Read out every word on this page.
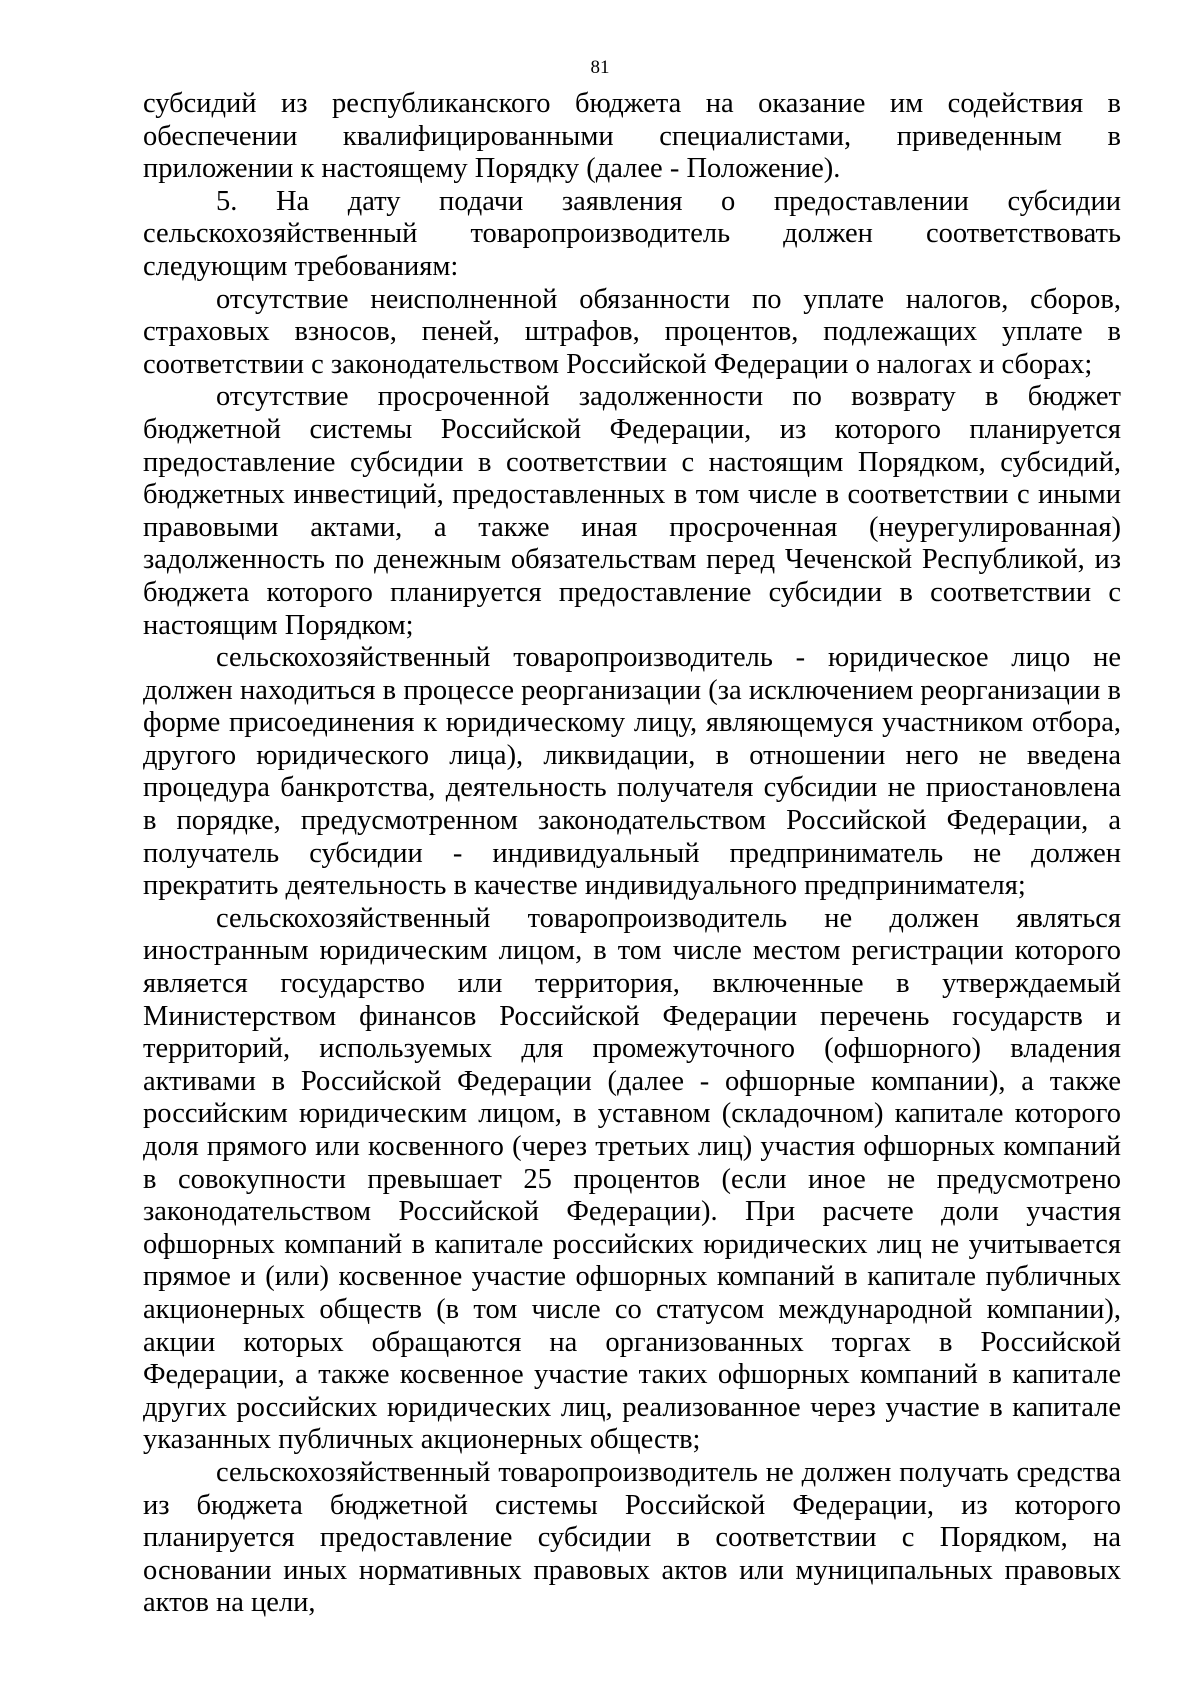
81

субсидий из республиканского бюджета на оказание им содействия в обеспечении квалифицированными специалистами, приведенным в приложении к настоящему Порядку (далее - Положение).

5. На дату подачи заявления о предоставлении субсидии сельскохозяйственный товаропроизводитель должен соответствовать следующим требованиям:

отсутствие неисполненной обязанности по уплате налогов, сборов, страховых взносов, пеней, штрафов, процентов, подлежащих уплате в соответствии с законодательством Российской Федерации о налогах и сборах;

отсутствие просроченной задолженности по возврату в бюджет бюджетной системы Российской Федерации, из которого планируется предоставление субсидии в соответствии с настоящим Порядком, субсидий, бюджетных инвестиций, предоставленных в том числе в соответствии с иными правовыми актами, а также иная просроченная (неурегулированная) задолженность по денежным обязательствам перед Чеченской Республикой, из бюджета которого планируется предоставление субсидии в соответствии с настоящим Порядком;

сельскохозяйственный товаропроизводитель - юридическое лицо не должен находиться в процессе реорганизации (за исключением реорганизации в форме присоединения к юридическому лицу, являющемуся участником отбора, другого юридического лица), ликвидации, в отношении него не введена процедура банкротства, деятельность получателя субсидии не приостановлена в порядке, предусмотренном законодательством Российской Федерации, а получатель субсидии - индивидуальный предприниматель не должен прекратить деятельность в качестве индивидуального предпринимателя;

сельскохозяйственный товаропроизводитель не должен являться иностранным юридическим лицом, в том числе местом регистрации которого является государство или территория, включенные в утверждаемый Министерством финансов Российской Федерации перечень государств и территорий, используемых для промежуточного (офшорного) владения активами в Российской Федерации (далее - офшорные компании), а также российским юридическим лицом, в уставном (складочном) капитале которого доля прямого или косвенного (через третьих лиц) участия офшорных компаний в совокупности превышает 25 процентов (если иное не предусмотрено законодательством Российской Федерации). При расчете доли участия офшорных компаний в капитале российских юридических лиц не учитывается прямое и (или) косвенное участие офшорных компаний в капитале публичных акционерных обществ (в том числе со статусом международной компании), акции которых обращаются на организованных торгах в Российской Федерации, а также косвенное участие таких офшорных компаний в капитале других российских юридических лиц, реализованное через участие в капитале указанных публичных акционерных обществ;

сельскохозяйственный товаропроизводитель не должен получать средства из бюджета бюджетной системы Российской Федерации, из которого планируется предоставление субсидии в соответствии с Порядком, на основании иных нормативных правовых актов или муниципальных правовых актов на цели,
